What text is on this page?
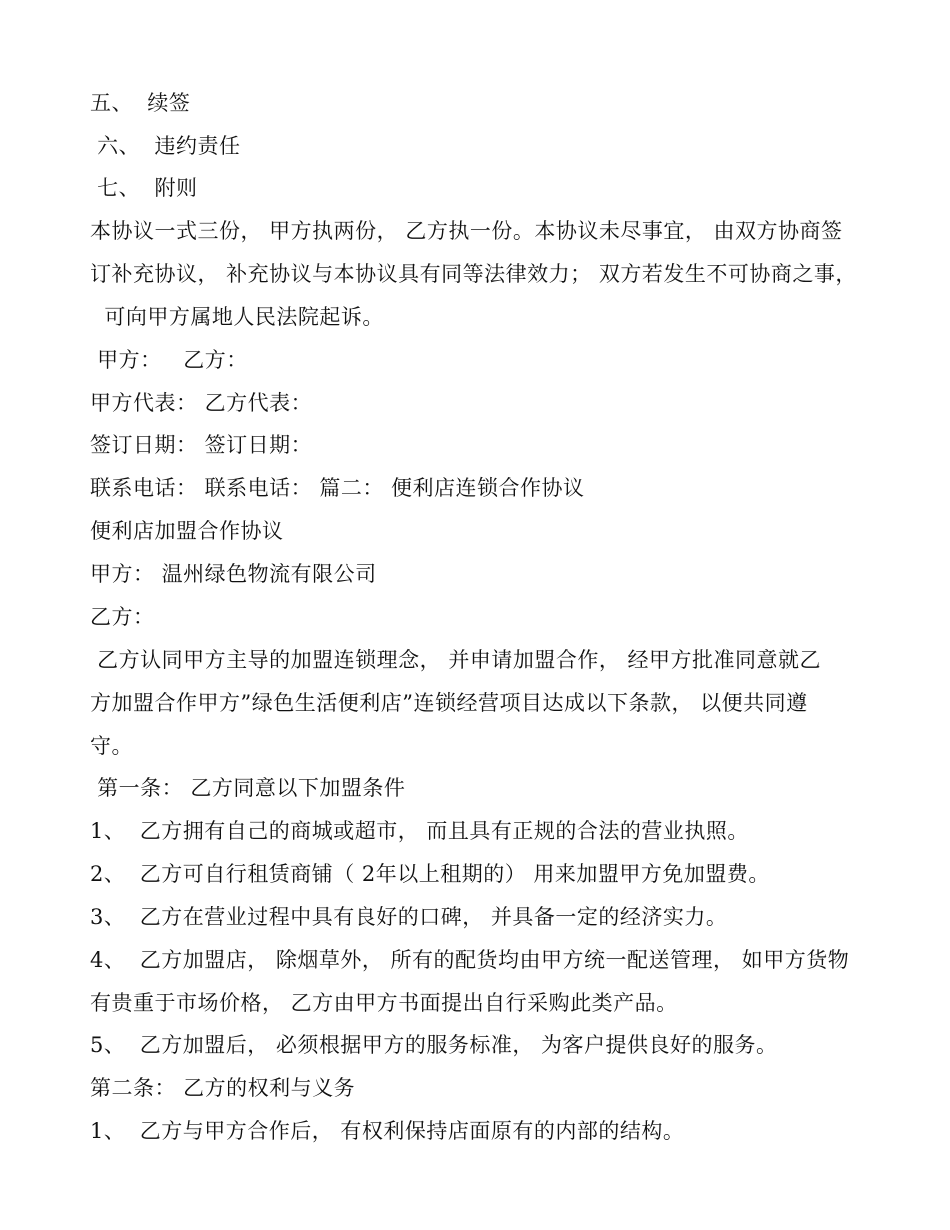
五、  续签
六、  违约责任
七、  附则
本协议一式三份， 甲方执两份， 乙方执一份。本协议未尽事宜， 由双方协商签
订补充协议， 补充协议与本协议具有同等法律效力； 双方若发生不可协商之事，
可向甲方属地人民法院起诉。
甲方：   乙方：
甲方代表： 乙方代表：
签订日期： 签订日期：
联系电话： 联系电话： 篇二： 便利店连锁合作协议
便利店加盟合作协议
甲方： 温州绿色物流有限公司
乙方：
乙方认同甲方主导的加盟连锁理念， 并申请加盟合作， 经甲方批准同意就乙
方加盟合作甲方”绿色生活便利店”连锁经营项目达成以下条款， 以便共同遵
守。
第一条： 乙方同意以下加盟条件
1、  乙方拥有自己的商城或超市， 而且具有正规的合法的营业执照。
2、  乙方可自行租赁商铺（ 2年以上租期的） 用来加盟甲方免加盟费。
3、  乙方在营业过程中具有良好的口碑， 并具备一定的经济实力。
4、  乙方加盟店， 除烟草外， 所有的配货均由甲方统一配送管理， 如甲方货物
有贵重于市场价格， 乙方由甲方书面提出自行采购此类产品。
5、  乙方加盟后， 必须根据甲方的服务标准， 为客户提供良好的服务。
第二条： 乙方的权利与义务
1、  乙方与甲方合作后， 有权利保持店面原有的内部的结构。
